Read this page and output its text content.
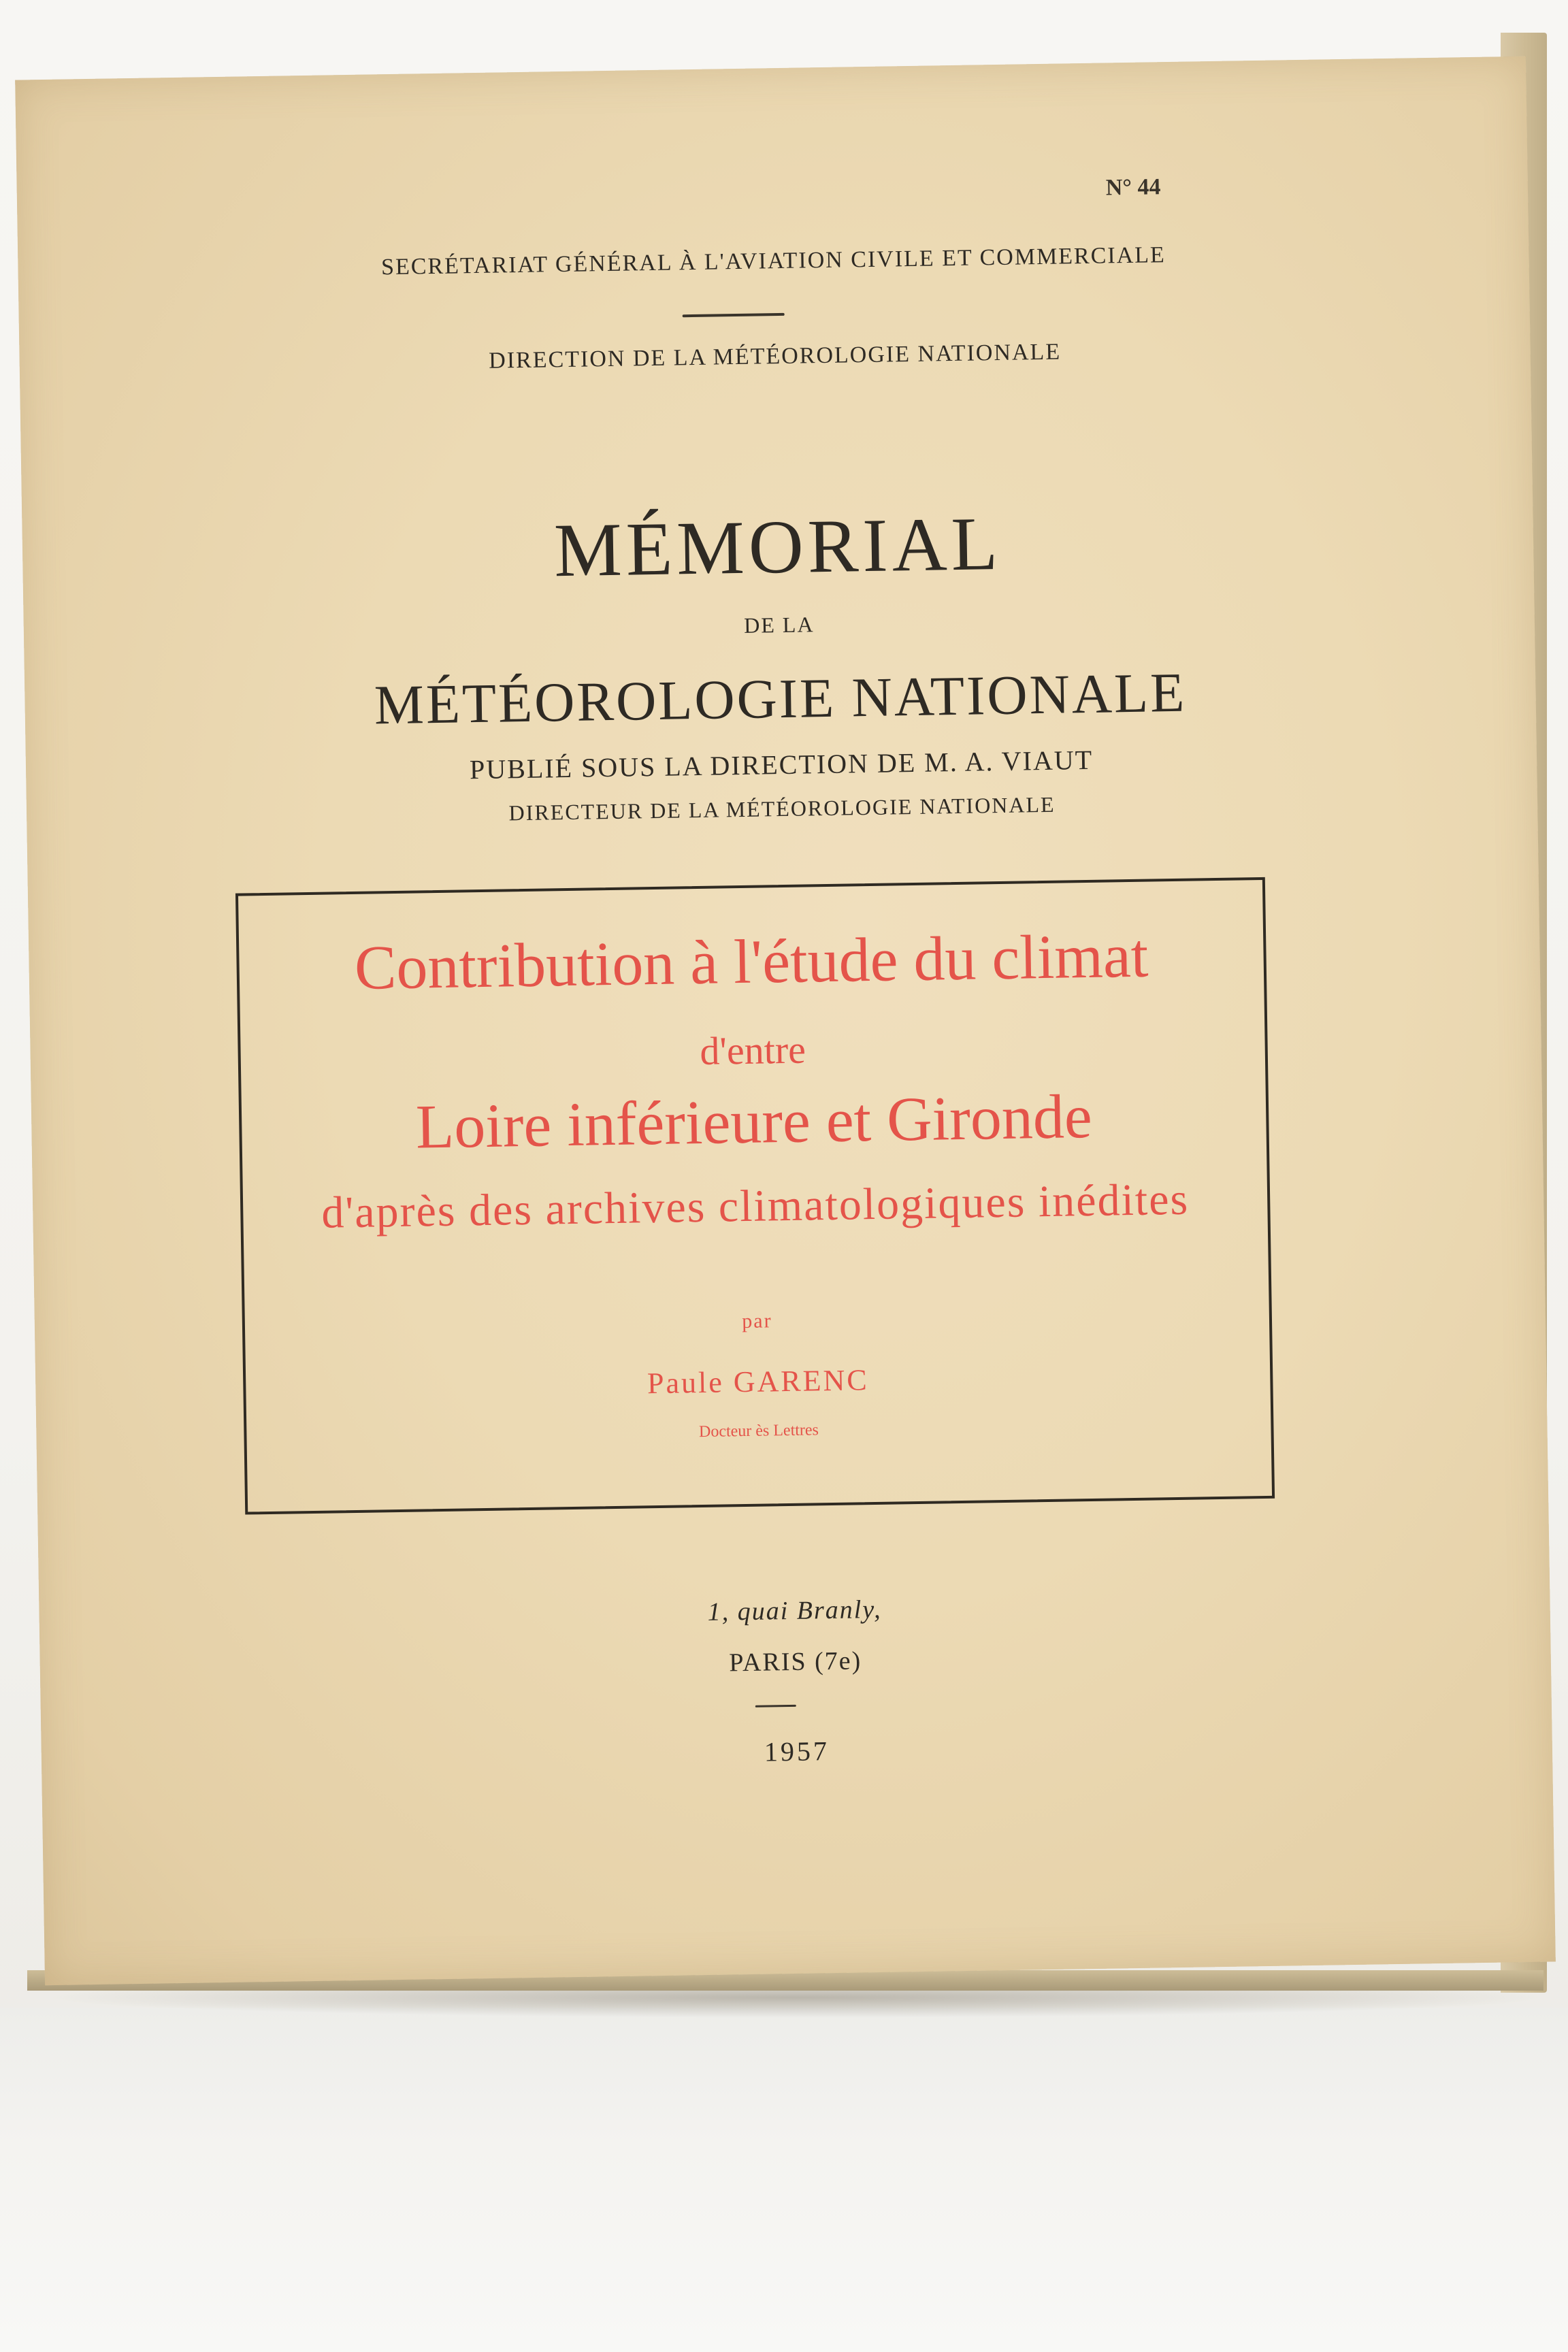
N° 44
SECRÉTARIAT GÉNÉRAL À L'AVIATION CIVILE ET COMMERCIALE
DIRECTION DE LA MÉTÉOROLOGIE NATIONALE
MÉMORIAL
DE LA
MÉTÉOROLOGIE NATIONALE
PUBLIÉ SOUS LA DIRECTION DE M. A. VIAUT
DIRECTEUR DE LA MÉTÉOROLOGIE NATIONALE
Contribution à l'étude du climat
d'entre
Loire inférieure et Gironde
d'après des archives climatologiques inédites
par
Paule GARENC
Docteur ès Lettres
1, quai Branly,
PARIS (7e)
1957
